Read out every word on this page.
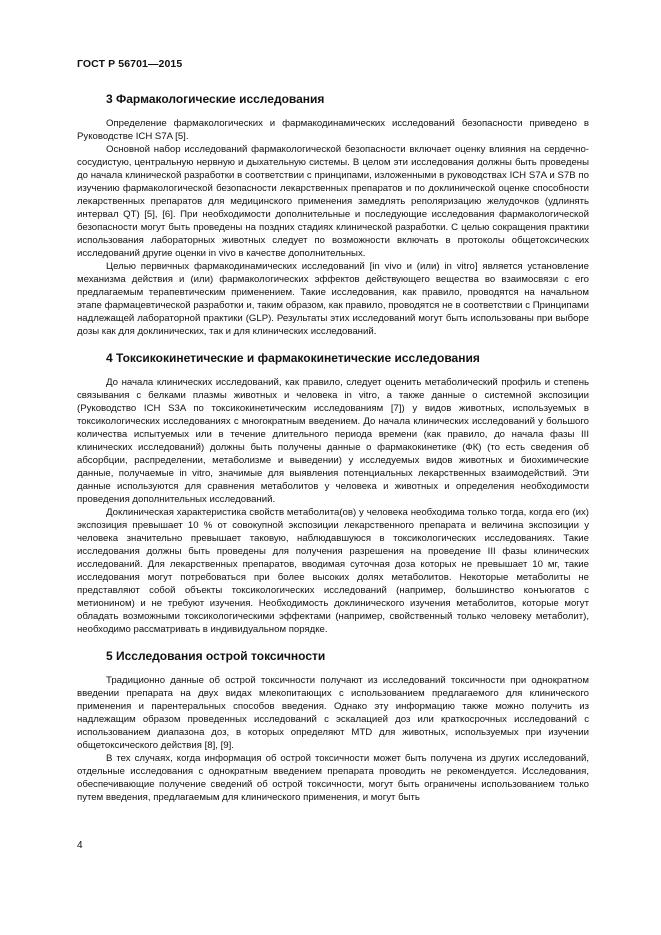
ГОСТ Р 56701—2015
3 Фармакологические исследования

Определение фармакологических и фармакодинамических исследований безопасности приведено в Руководстве ICH S7A [5].

Основной набор исследований фармакологической безопасности включает оценку влияния на сердечно-сосудистую, центральную нервную и дыхательную системы. В целом эти исследования должны быть проведены до начала клинической разработки в соответствии с принципами, изложенными в руководствах ICH S7A и S7B по изучению фармакологической безопасности лекарственных препаратов и по доклинической оценке способности лекарственных препаратов для медицинского применения замедлять реполяризацию желудочков (удлинять интервал QT) [5], [6]. При необходимости дополнительные и последующие исследования фармакологической безопасности могут быть проведены на поздних стадиях клинической разработки. С целью сокращения практики использования лабораторных животных следует по возможности включать в протоколы общетоксических исследований другие оценки in vivo в качестве дополнительных.

Целью первичных фармакодинамических исследований [in vivo и (или) in vitro] является установление механизма действия и (или) фармакологических эффектов действующего вещества во взаимосвязи с его предлагаемым терапевтическим применением. Такие исследования, как правило, проводятся на начальном этапе фармацевтической разработки и, таким образом, как правило, проводятся не в соответствии с Принципами надлежащей лабораторной практики (GLP). Результаты этих исследований могут быть использованы при выборе дозы как для доклинических, так и для клинических исследований.

4 Токсикокинетические и фармакокинетические исследования

До начала клинических исследований, как правило, следует оценить метаболический профиль и степень связывания с белками плазмы животных и человека in vitro, а также данные о системной экспозиции (Руководство ICH S3A по токсикокинетическим исследованиям [7]) у видов животных, используемых в токсикологических исследованиях с многократным введением. До начала клинических исследований у большого количества испытуемых или в течение длительного периода времени (как правило, до начала фазы III клинических исследований) должны быть получены данные о фармакокинетике (ФК) (то есть сведения об абсорбции, распределении, метаболизме и выведении) у исследуемых видов животных и биохимические данные, получаемые in vitro, значимые для выявления потенциальных лекарственных взаимодействий. Эти данные используются для сравнения метаболитов у человека и животных и определения необходимости проведения дополнительных исследований.

Доклиническая характеристика свойств метаболита(ов) у человека необходима только тогда, когда его (их) экспозиция превышает 10 % от совокупной экспозиции лекарственного препарата и величина экспозиции у человека значительно превышает таковую, наблюдавшуюся в токсикологических исследованиях. Такие исследования должны быть проведены для получения разрешения на проведение III фазы клинических исследований. Для лекарственных препаратов, вводимая суточная доза которых не превышает 10 мг, такие исследования могут потребоваться при более высоких долях метаболитов. Некоторые метаболиты не представляют собой объекты токсикологических исследований (например, большинство конъюгатов с метионином) и не требуют изучения. Необходимость доклинического изучения метаболитов, которые могут обладать возможными токсикологическими эффектами (например, свойственный только человеку метаболит), необходимо рассматривать в индивидуальном порядке.

5 Исследования острой токсичности

Традиционно данные об острой токсичности получают из исследований токсичности при однократном введении препарата на двух видах млекопитающих с использованием предлагаемого для клинического применения и парентеральных способов введения. Однако эту информацию также можно получить из надлежащим образом проведенных исследований с эскалацией доз или краткосрочных исследований с использованием диапазона доз, в которых определяют MTD для животных, используемых при изучении общетоксического действия [8], [9].

В тех случаях, когда информация об острой токсичности может быть получена из других исследований, отдельные исследования с однократным введением препарата проводить не рекомендуется. Исследования, обеспечивающие получение сведений об острой токсичности, могут быть ограничены использованием только путем введения, предлагаемым для клинического применения, и могут быть

4
